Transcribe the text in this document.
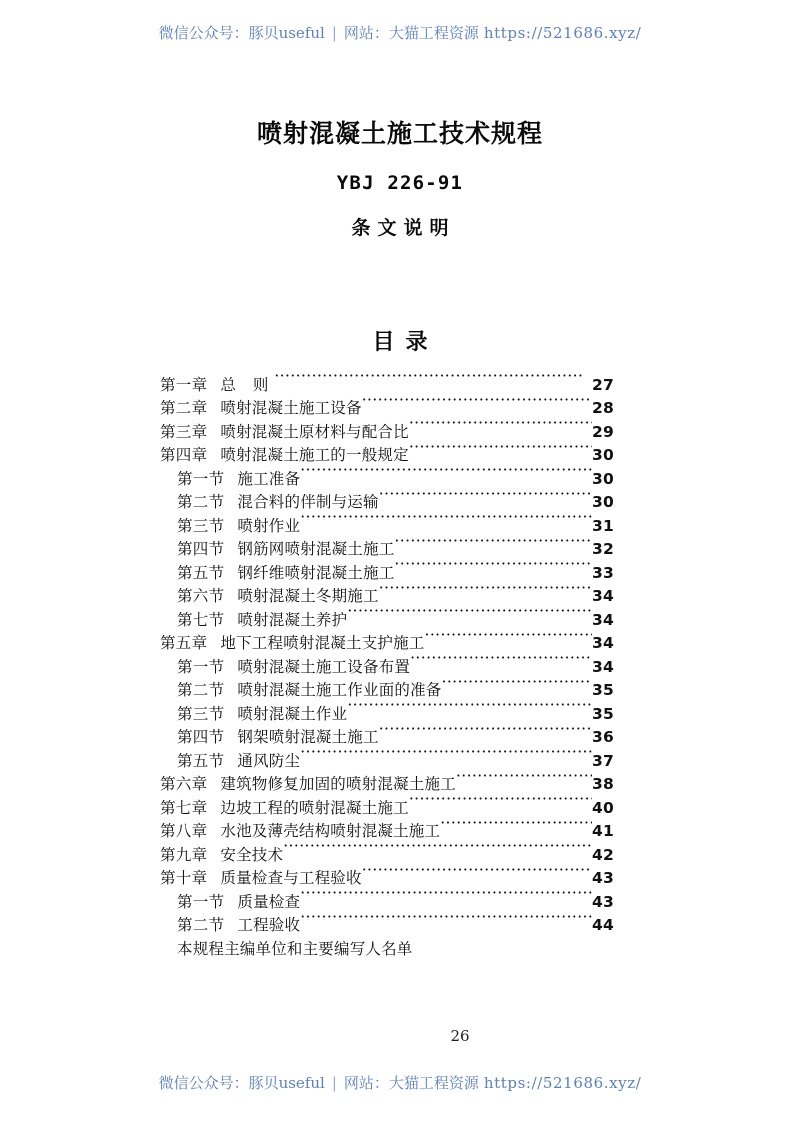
微信公众号：豚贝useful | 网站：大猫工程资源 https://521686.xyz/
喷射混凝土施工技术规程
YBJ 226-91
条文说明
目录
第一章 总 则 ·····	27
第二章 喷射混凝土施工设备 ·····	28
第三章 喷射混凝土原材料与配合比 ·····	29
第四章 喷射混凝土施工的一般规定 ·····	30
第一节 施工准备 ·····	30
第二节 混合料的伴制与运输 ·····	30
第三节 喷射作业 ·····	31
第四节 钢筋网喷射混凝土施工 ·····	32
第五节 钢纤维喷射混凝土施工 ·····	33
第六节 喷射混凝土冬期施工 ·····	34
第七节 喷射混凝土养护 ·····	34
第五章 地下工程喷射混凝土支护施工 ·····	34
第一节 喷射混凝土施工设备布置 ·····	34
第二节 喷射混凝土施工作业面的准备 ·····	35
第三节 喷射混凝土作业 ·····	35
第四节 钢架喷射混凝土施工 ·····	36
第五节 通风防尘 ·····	37
第六章 建筑物修复加固的喷射混凝土施工 ·····	38
第七章 边坡工程的喷射混凝土施工 ·····	40
第八章 水池及薄壳结构喷射混凝土施工 ·····	41
第九章 安全技术 ·····	42
第十章 质量检查与工程验收 ·····	43
第一节 质量检查 ·····	43
第二节 工程验收 ·····	44
本规程主编单位和主要编写人名单
26
微信公众号：豚贝useful | 网站：大猫工程资源 https://521686.xyz/
